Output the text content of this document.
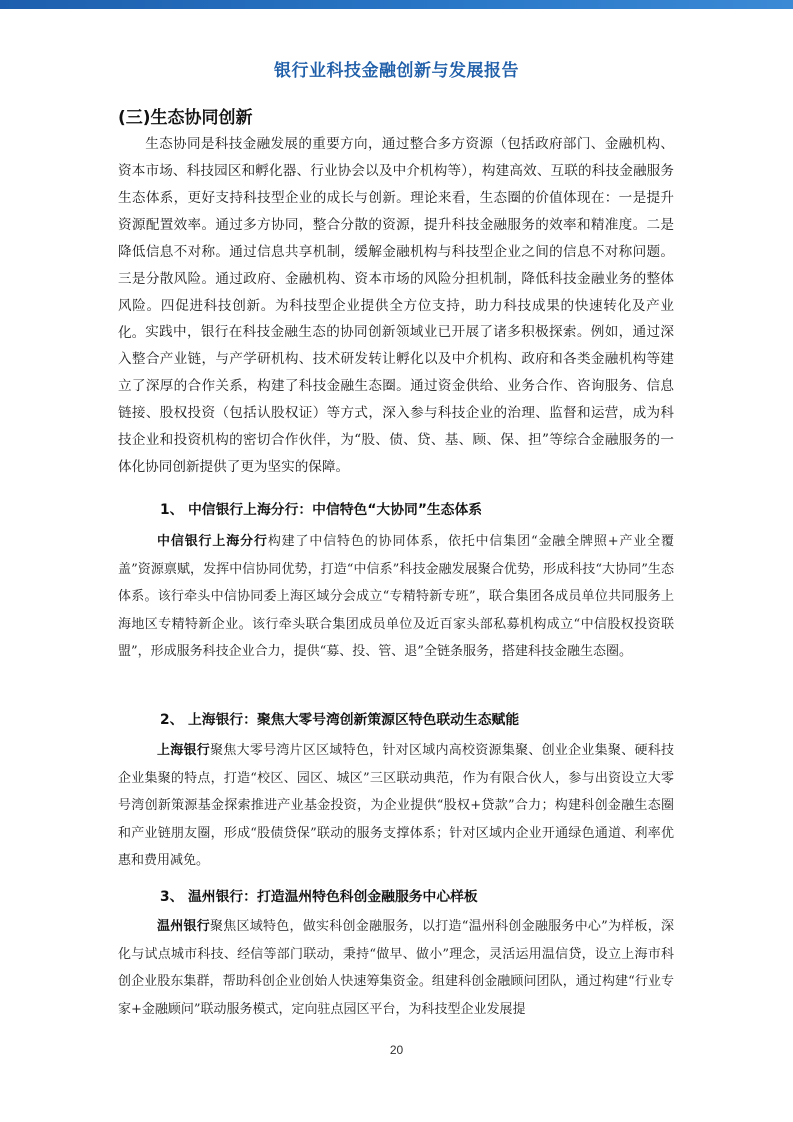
银行业科技金融创新与发展报告
(三)生态协同创新

生态协同是科技金融发展的重要方向，通过整合多方资源（包括政府部门、金融机构、资本市场、科技园区和孵化器、行业协会以及中介机构等），构建高效、互联的科技金融服务生态体系，更好支持科技型企业的成长与创新。理论来看，生态圈的价值体现在：一是提升资源配置效率。通过多方协同，整合分散的资源，提升科技金融服务的效率和精准度。二是降低信息不对称。通过信息共享机制，缓解金融机构与科技型企业之间的信息不对称问题。三是分散风险。通过政府、金融机构、资本市场的风险分担机制，降低科技金融业务的整体风险。四促进科技创新。为科技型企业提供全方位支持，助力科技成果的快速转化及产业化。 实践中，银行在科技金融生态的协同创新领域业已开展了诸多积极探索。例如，通过深入整合产业链，与产学研机构、技术研发转让孵化以及中介机构、政府和各类金融机构等建立了深厚的合作关系，构建了科技金融生态圈。通过资金供给、业务合作、咨询服务、信息链接、股权投资（包括认股权证）等方式，深入参与科技企业的治理、监督和运营，成为科技企业和投资机构的密切合作伙伴，为“股、债、贷、基、顾、保、担”等综合金融服务的一体化协同创新提供了更为坚实的保障。

1、 中信银行上海分行：中信特色“大协同”生态体系

中信银行上海分行构建了中信特色的协同体系，依托中信集团“金融全牌照+产业全覆盖”资源禀赋，发挥中信协同优势，打造“中信系”科技金融发展聚合优势，形成科技“大协同”生态体系。该行牵头中信协同委上海区域分会成立“专精特新专班”，联合集团各成员单位共同服务上海地区专精特新企业。该行牵头联合集团成员单位及近百家头部私募机构成立“中信股权投资联盟”，形成服务科技企业合力，提供“募、投、管、退”全链条服务，搭建科技金融生态圈。

2、 上海银行：聚焦大零号湾创新策源区特色联动生态赋能

上海银行聚焦大零号湾片区区域特色，针对区域内高校资源集聚、创业企业集聚、硬科技企业集聚的特点，打造“校区、园区、城区”三区联动典范，作为有限合伙人，参与出资设立大零号湾创新策源基金探索推进产业基金投资，为企业提供“股权+贷款”合力；构建科创金融生态圈和产业链朋友圈，形成“股债贷保”联动的服务支撑体系；针对区域内企业开通绿色通道、利率优惠和费用减免。

3、 温州银行：打造温州特色科创金融服务中心样板

温州银行聚焦区域特色，做实科创金融服务，以打造“温州科创金融服务中心”为样板，深化与试点城市科技、经信等部门联动，秉持“做早、做小”理念，灵活运用温信贷，设立上海市科创企业股东集群，帮助科创企业创始人快速筹集资金。组建科创金融顾问团队，通过构建“行业专家+金融顾问”联动服务模式，定向驻点园区平台，为科技型企业发展提

20
